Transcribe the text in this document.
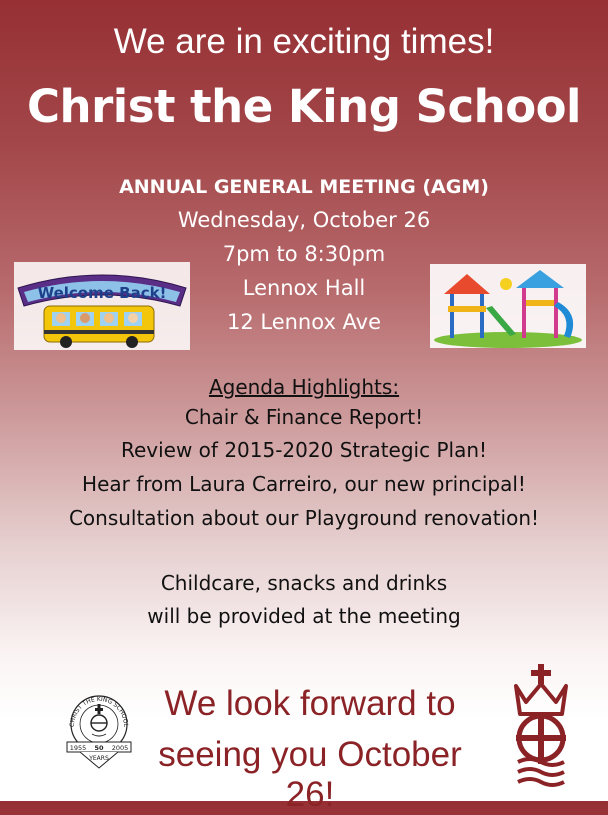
We are in exciting times!
Christ the King School
ANNUAL GENERAL MEETING (AGM)
Wednesday, October 26
7pm to 8:30pm
Lennox Hall
12 Lennox Ave
Welcome Back!
Agenda Highlights:
Chair & Finance Report!
Review of 2015-2020 Strategic Plan!
Hear from Laura Carreiro, our new principal!
Consultation about our Playground renovation!
Childcare, snacks and drinks
will be provided at the meeting
CHRIST THE KING SCHOOL
1955 50 2005
YEARS
We look forward to
seeing you October 26!
